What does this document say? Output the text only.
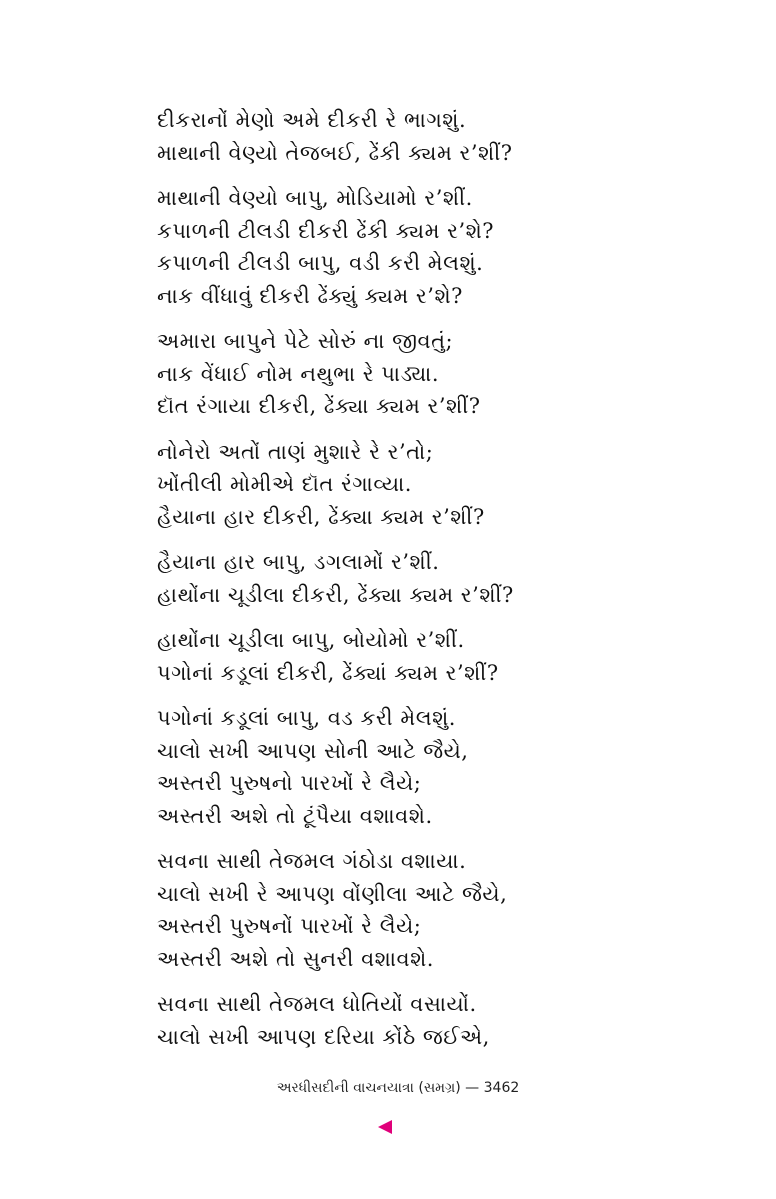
દીકરાનોં મેણો અમે દીકરી રે ભાગશું.
માથાની વેણ્યો તેજબઈ, ઢેંકી ક્યમ ર’શીં?
માથાની વેણ્યો બાપુ, મોડિયામો ર’શીં.
કપાળની ટીલડી દીકરી ઢેંકી ક્યમ ર’શે?
કપાળની ટીલડી બાપુ, વડી કરી મેલશું.
નાક વીંધાવું દીકરી ઢેંક્યું ક્યમ ર’શે?
અમારા બાપુને પેટે સોરું ના જીવતું;
નાક વેંધાઈ નોમ નથુભા રે પાડ્યા.
દૉત રંગાયા દીકરી, ઢેંક્યા ક્યમ ર’શીં?
નોનેરો અતોં તાણં મુશારે રે ર’તો;
ખોંતીલી મોમીએ દૉત રંગાવ્યા.
હૈયાના હાર દીકરી, ઢેંક્યા ક્યમ ર’શીં?
હૈયાના હાર બાપુ, ડગલામોં ર’શીં.
હાથોંના ચૂડીલા દીકરી, ઢેંક્યા ક્યમ ર’શીં?
હાથોંના ચૂડીલા બાપુ, બોયોમો ર’શીં.
પગોનાં કડૂલાં દીકરી, ઢેંક્યાં ક્યમ ર’શીં?
પગોનાં કડૂલાં બાપુ, વડ કરી મેલશું.
ચાલો સખી આપણ સોની આટે જૈયે,
અસ્તરી પુરુષનો પારખોં રે લૈયે;
અસ્તરી અશે તો ટૂંપૈયા વશાવશે.
સવના સાથી તેજમલ ગંઠોડા વશાયા.
ચાલો સખી રે આપણ વોંણીલા આટે જૈયે,
અસ્તરી પુરુષનોં પારખોં રે લૈયે;
અસ્તરી અશે તો સુનરી વશાવશે.
સવના સાથી તેજમલ ધોતિયોં વસાયોં.
ચાલો સખી આપણ દરિયા કોંઠે જઈએ,
અરધીસદીની વાચનયાત્રા (સમગ્ર) — 3462
